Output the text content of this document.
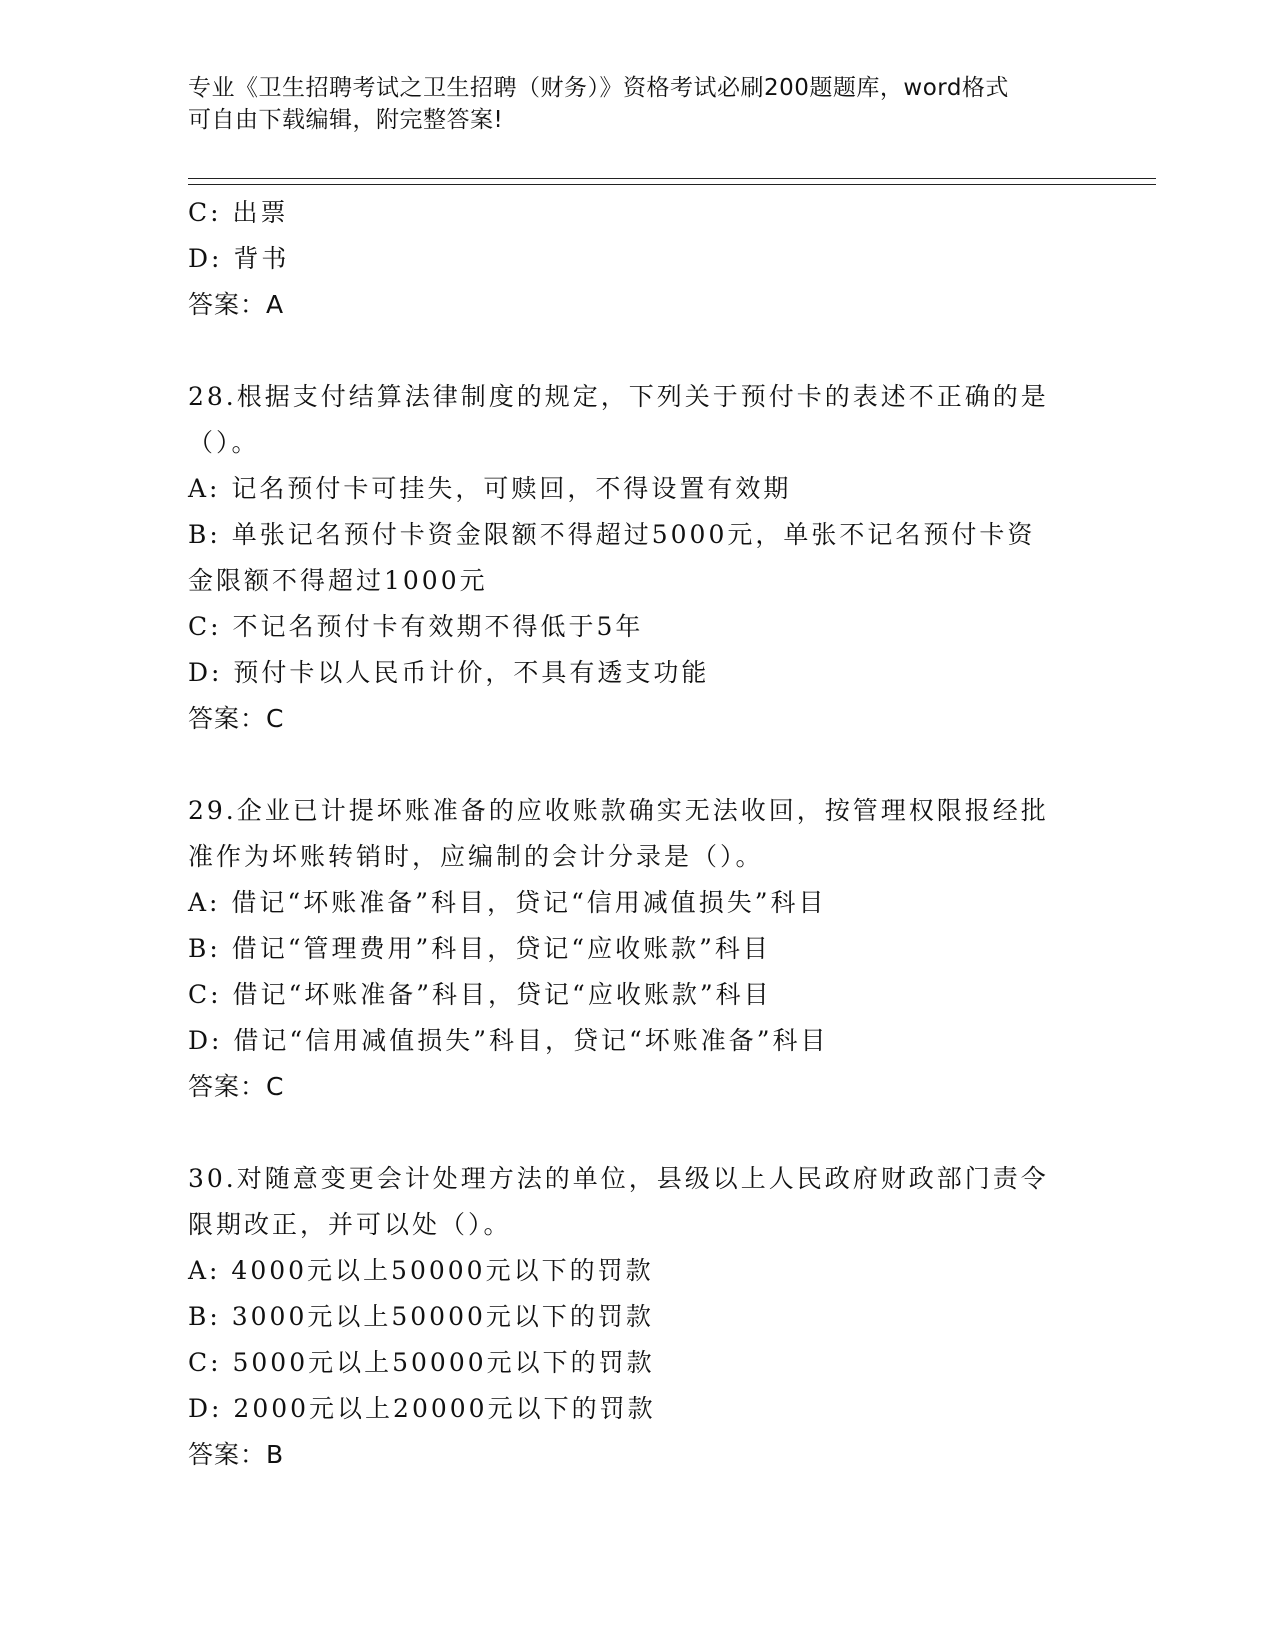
专业《卫生招聘考试之卫生招聘（财务）》资格考试必刷200题题库，word格式
可自由下载编辑，附完整答案!
C: 出票
D: 背书
答案：A
28.根据支付结算法律制度的规定，下列关于预付卡的表述不正确的是
（）。
A: 记名预付卡可挂失，可赎回，不得设置有效期
B: 单张记名预付卡资金限额不得超过5000元，单张不记名预付卡资
金限额不得超过1000元
C: 不记名预付卡有效期不得低于5年
D: 预付卡以人民币计价，不具有透支功能
答案：C
29.企业已计提坏账准备的应收账款确实无法收回，按管理权限报经批
准作为坏账转销时，应编制的会计分录是（）。
A: 借记“坏账准备”科目，贷记“信用减值损失”科目
B: 借记“管理费用”科目，贷记“应收账款”科目
C: 借记“坏账准备”科目，贷记“应收账款”科目
D: 借记“信用减值损失”科目，贷记“坏账准备”科目
答案：C
30.对随意变更会计处理方法的单位，县级以上人民政府财政部门责令
限期改正，并可以处（）。
A: 4000元以上50000元以下的罚款
B: 3000元以上50000元以下的罚款
C: 5000元以上50000元以下的罚款
D: 2000元以上20000元以下的罚款
答案：B
